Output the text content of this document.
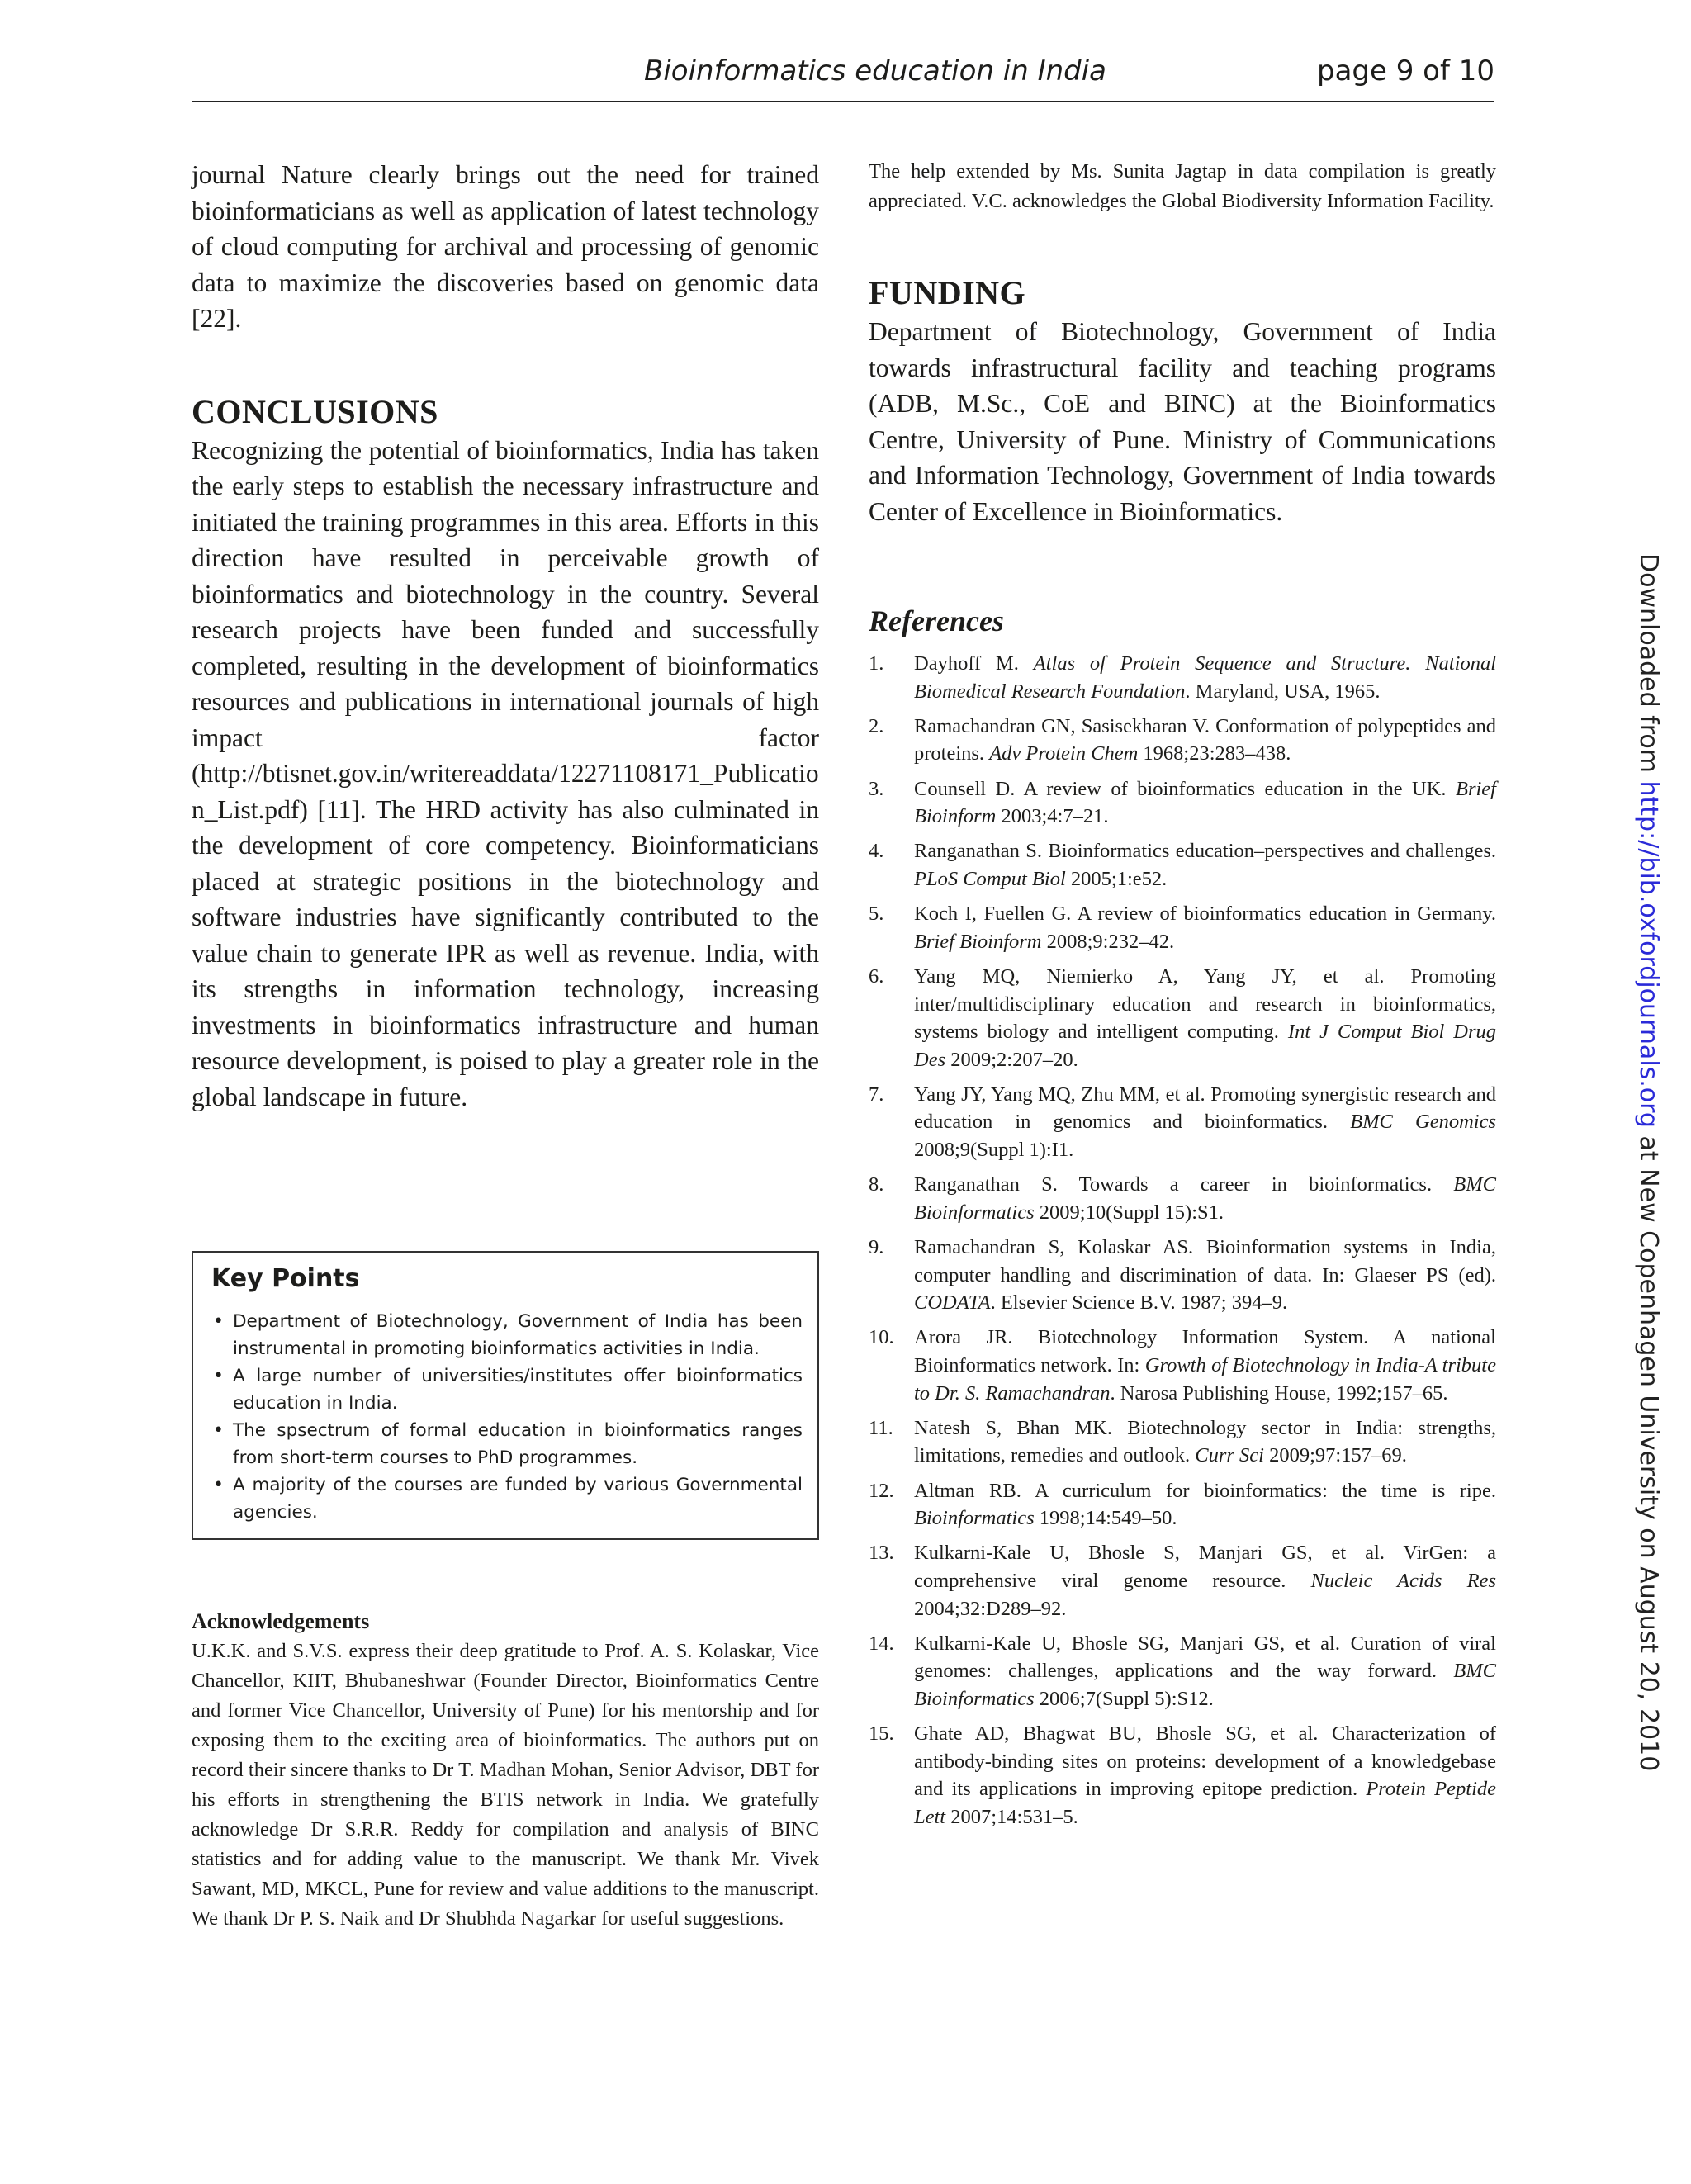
Bioinformatics education in India	page 9 of 10

journal Nature clearly brings out the need for trained bioinformaticians as well as application of latest technology of cloud computing for archival and processing of genomic data to maximize the discoveries based on genomic data [22].

CONCLUSIONS

Recognizing the potential of bioinformatics, India has taken the early steps to establish the necessary infrastructure and initiated the training programmes in this area. Efforts in this direction have resulted in perceivable growth of bioinformatics and biotechnology in the country. Several research projects have been funded and successfully completed, resulting in the development of bioinformatics resources and publications in international journals of high impact factor (http://btisnet.gov.in/writereaddata/12271108171_Publication_List.pdf) [11]. The HRD activity has also culminated in the development of core competency. Bioinformaticians placed at strategic positions in the biotechnology and software industries have significantly contributed to the value chain to generate IPR as well as revenue. India, with its strengths in information technology, increasing investments in bioinformatics infrastructure and human resource development, is poised to play a greater role in the global landscape in future.

Key Points
• Department of Biotechnology, Government of India has been instrumental in promoting bioinformatics activities in India.
• A large number of universities/institutes offer bioinformatics education in India.
• The spsectrum of formal education in bioinformatics ranges from short-term courses to PhD programmes.
• A majority of the courses are funded by various Governmental agencies.
Acknowledgements

U.K.K. and S.V.S. express their deep gratitude to Prof. A. S. Kolaskar, Vice Chancellor, KIIT, Bhubaneshwar (Founder Director, Bioinformatics Centre and former Vice Chancellor, University of Pune) for his mentorship and for exposing them to the exciting area of bioinformatics. The authors put on record their sincere thanks to Dr T. Madhan Mohan, Senior Advisor, DBT for his efforts in strengthening the BTIS network in India. We gratefully acknowledge Dr S.R.R. Reddy for compilation and analysis of BINC statistics and for adding value to the manuscript. We thank Mr. Vivek Sawant, MD, MKCL, Pune for review and value additions to the manuscript. We thank Dr P. S. Naik and Dr Shubhda Nagarkar for useful suggestions.

The help extended by Ms. Sunita Jagtap in data compilation is greatly appreciated. V.C. acknowledges the Global Biodiversity Information Facility.

FUNDING

Department of Biotechnology, Government of India towards infrastructural facility and teaching programs (ADB, M.Sc., CoE and BINC) at the Bioinformatics Centre, University of Pune. Ministry of Communications and Information Technology, Government of India towards Center of Excellence in Bioinformatics.

References
1. Dayhoff M. Atlas of Protein Sequence and Structure. National Biomedical Research Foundation. Maryland, USA, 1965.
2. Ramachandran GN, Sasisekharan V. Conformation of polypeptides and proteins. Adv Protein Chem 1968;23:283–438.
3. Counsell D. A review of bioinformatics education in the UK. Brief Bioinform 2003;4:7–21.
4. Ranganathan S. Bioinformatics education–perspectives and challenges. PLoS Comput Biol 2005;1:e52.
5. Koch I, Fuellen G. A review of bioinformatics education in Germany. Brief Bioinform 2008;9:232–42.
6. Yang MQ, Niemierko A, Yang JY, et al. Promoting inter/multidisciplinary education and research in bioinformatics, systems biology and intelligent computing. Int J Comput Biol Drug Des 2009;2:207–20.
7. Yang JY, Yang MQ, Zhu MM, et al. Promoting synergistic research and education in genomics and bioinformatics. BMC Genomics 2008;9(Suppl 1):I1.
8. Ranganathan S. Towards a career in bioinformatics. BMC Bioinformatics 2009;10(Suppl 15):S1.
9. Ramachandran S, Kolaskar AS. Bioinformation systems in India, computer handling and discrimination of data. In: Glaeser PS (ed). CODATA. Elsevier Science B.V. 1987; 394–9.
10. Arora JR. Biotechnology Information System. A national Bioinformatics network. In: Growth of Biotechnology in India-A tribute to Dr. S. Ramachandran. Narosa Publishing House, 1992;157–65.
11. Natesh S, Bhan MK. Biotechnology sector in India: strengths, limitations, remedies and outlook. Curr Sci 2009;97:157–69.
12. Altman RB. A curriculum for bioinformatics: the time is ripe. Bioinformatics 1998;14:549–50.
13. Kulkarni-Kale U, Bhosle S, Manjari GS, et al. VirGen: a comprehensive viral genome resource. Nucleic Acids Res 2004;32:D289–92.
14. Kulkarni-Kale U, Bhosle SG, Manjari GS, et al. Curation of viral genomes: challenges, applications and the way forward. BMC Bioinformatics 2006;7(Suppl 5):S12.
15. Ghate AD, Bhagwat BU, Bhosle SG, et al. Characterization of antibody-binding sites on proteins: development of a knowledgebase and its applications in improving epitope prediction. Protein Peptide Lett 2007;14:531–5.
Downloaded from http://bib.oxfordjournals.org at New Copenhagen University on August 20, 2010
